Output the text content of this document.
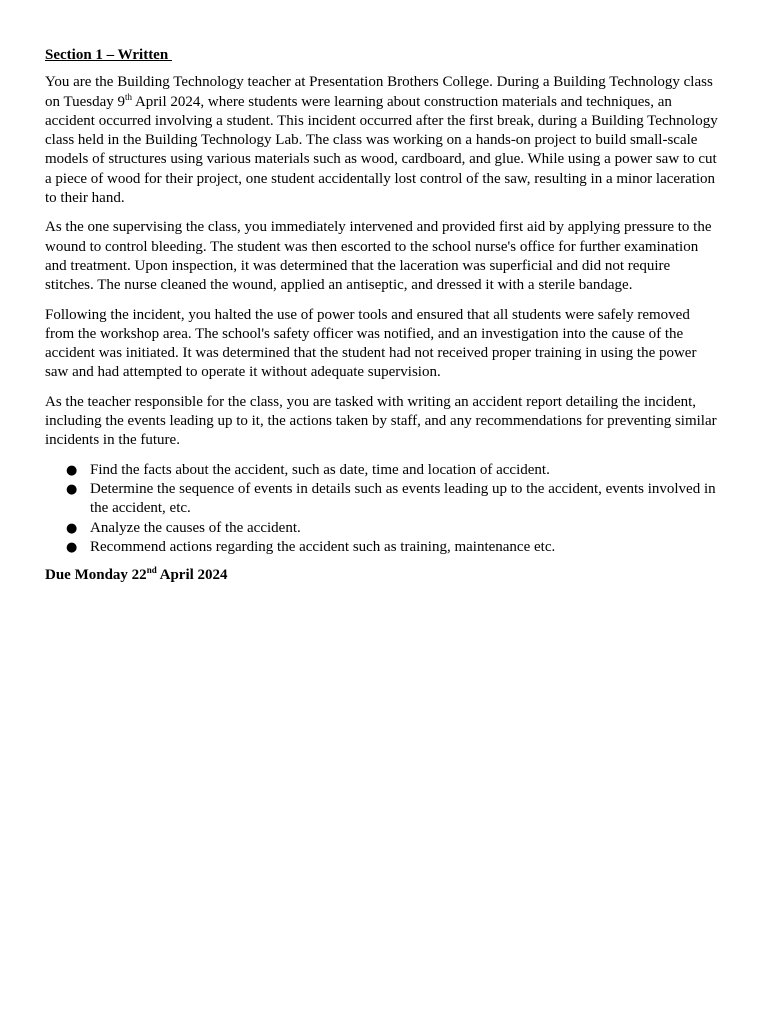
Section 1 – Written

You are the Building Technology teacher at Presentation Brothers College. During a Building Technology class on Tuesday 9th April 2024, where students were learning about construction materials and techniques, an accident occurred involving a student. This incident occurred after the first break, during a Building Technology class held in the Building Technology Lab. The class was working on a hands-on project to build small-scale models of structures using various materials such as wood, cardboard, and glue. While using a power saw to cut a piece of wood for their project, one student accidentally lost control of the saw, resulting in a minor laceration to their hand.

As the one supervising the class, you immediately intervened and provided first aid by applying pressure to the wound to control bleeding. The student was then escorted to the school nurse's office for further examination and treatment. Upon inspection, it was determined that the laceration was superficial and did not require stitches. The nurse cleaned the wound, applied an antiseptic, and dressed it with a sterile bandage.

Following the incident, you halted the use of power tools and ensured that all students were safely removed from the workshop area. The school's safety officer was notified, and an investigation into the cause of the accident was initiated. It was determined that the student had not received proper training in using the power saw and had attempted to operate it without adequate supervision.

As the teacher responsible for the class, you are tasked with writing an accident report detailing the incident, including the events leading up to it, the actions taken by staff, and any recommendations for preventing similar incidents in the future.

● Find the facts about the accident, such as date, time and location of accident.
● Determine the sequence of events in details such as events leading up to the accident, events involved in the accident, etc.
● Analyze the causes of the accident.
● Recommend actions regarding the accident such as training, maintenance etc.

Due Monday 22nd April 2024
